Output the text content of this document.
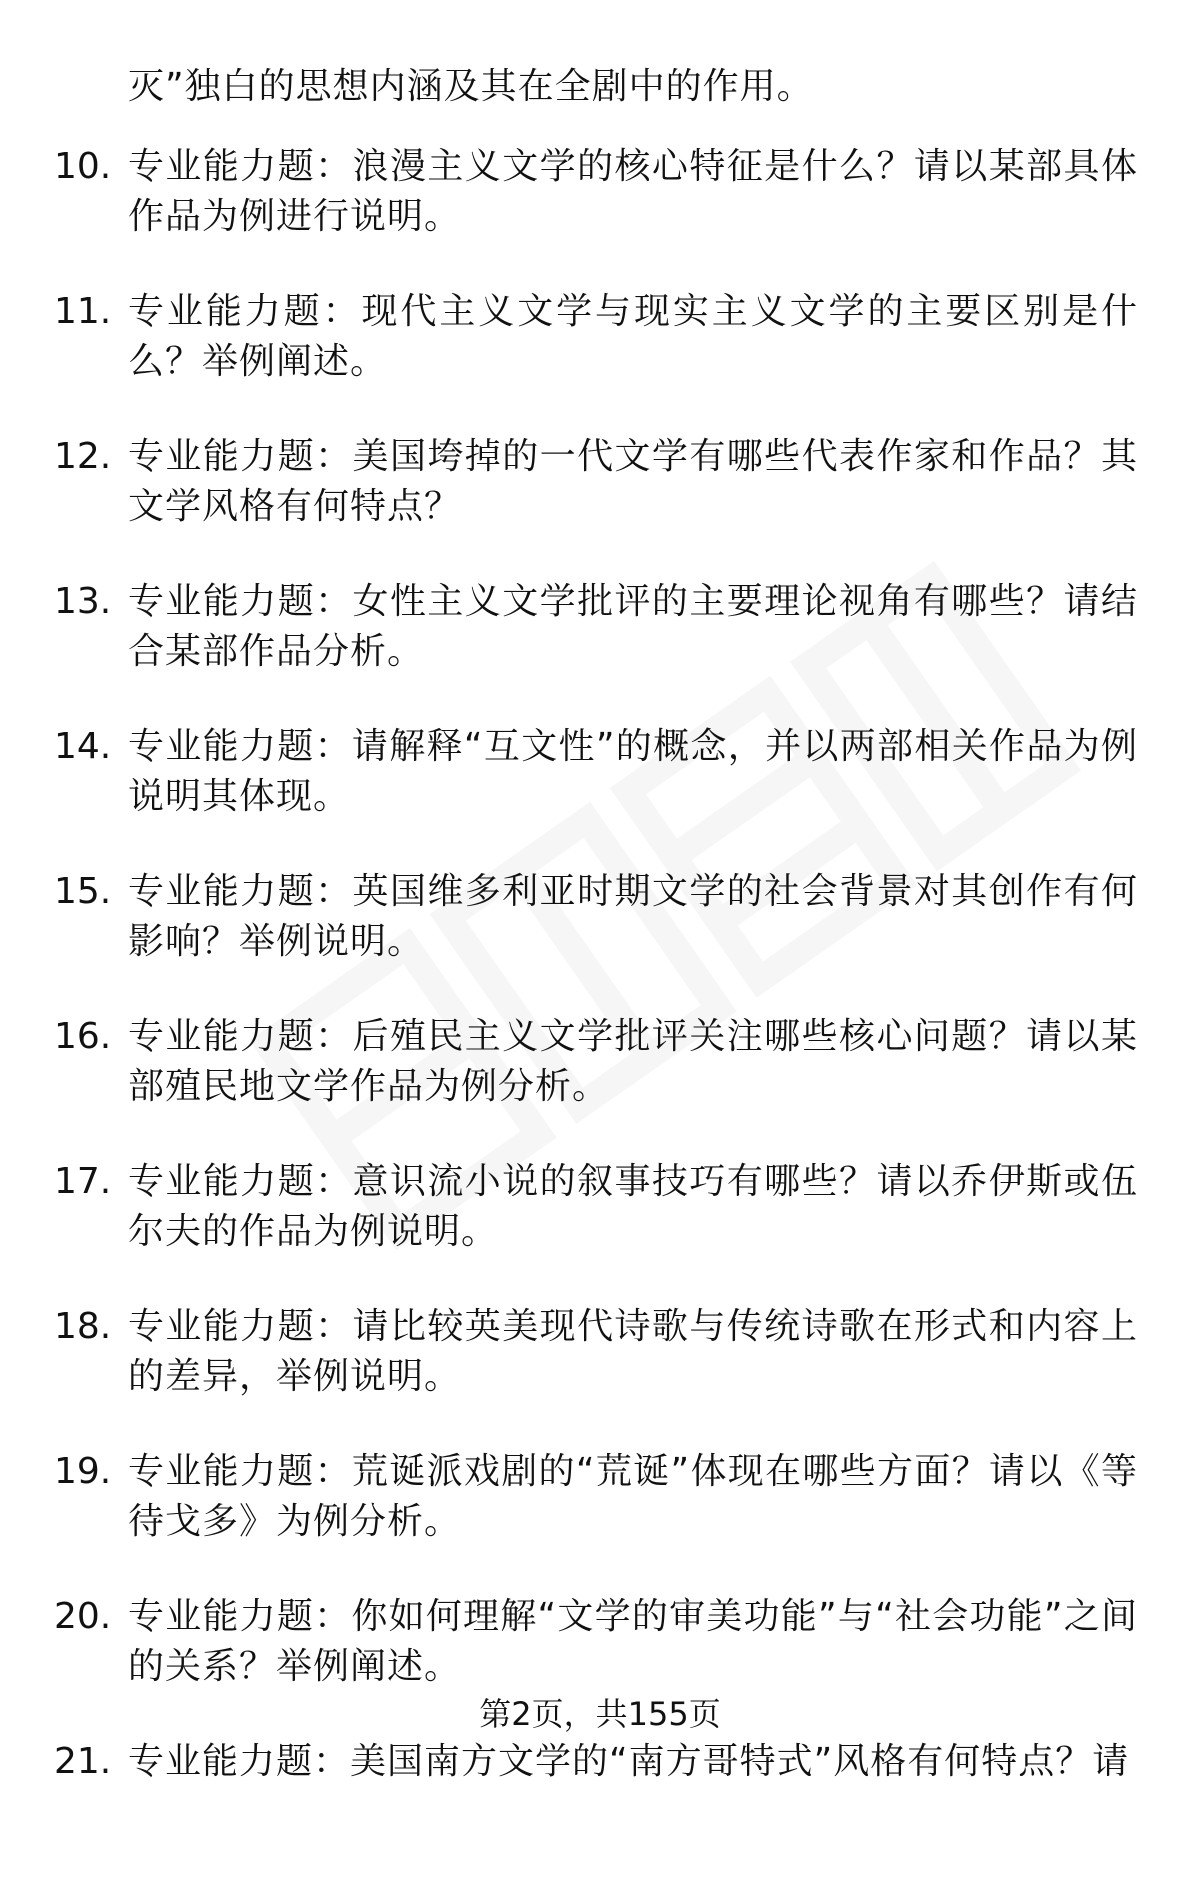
灭”独白的思想内涵及其在全剧中的作用。
10. 专业能力题：浪漫主义文学的核心特征是什么？请以某部具体作品为例进行说明。
11. 专业能力题：现代主义文学与现实主义文学的主要区别是什么？举例阐述。
12. 专业能力题：美国垮掉的一代文学有哪些代表作家和作品？其文学风格有何特点？
13. 专业能力题：女性主义文学批评的主要理论视角有哪些？请结合某部作品分析。
14. 专业能力题：请解释“互文性”的概念，并以两部相关作品为例说明其体现。
15. 专业能力题：英国维多利亚时期文学的社会背景对其创作有何影响？举例说明。
16. 专业能力题：后殖民主义文学批评关注哪些核心问题？请以某部殖民地文学作品为例分析。
17. 专业能力题：意识流小说的叙事技巧有哪些？请以乔伊斯或伍尔夫的作品为例说明。
18. 专业能力题：请比较英美现代诗歌与传统诗歌在形式和内容上的差异，举例说明。
19. 专业能力题：荒诞派戏剧的“荒诞”体现在哪些方面？请以《等待戈多》为例分析。
20. 专业能力题：你如何理解“文学的审美功能”与“社会功能”之间的关系？举例阐述。
21. 专业能力题：美国南方文学的“南方哥特式”风格有何特点？请
第2页，共155页
